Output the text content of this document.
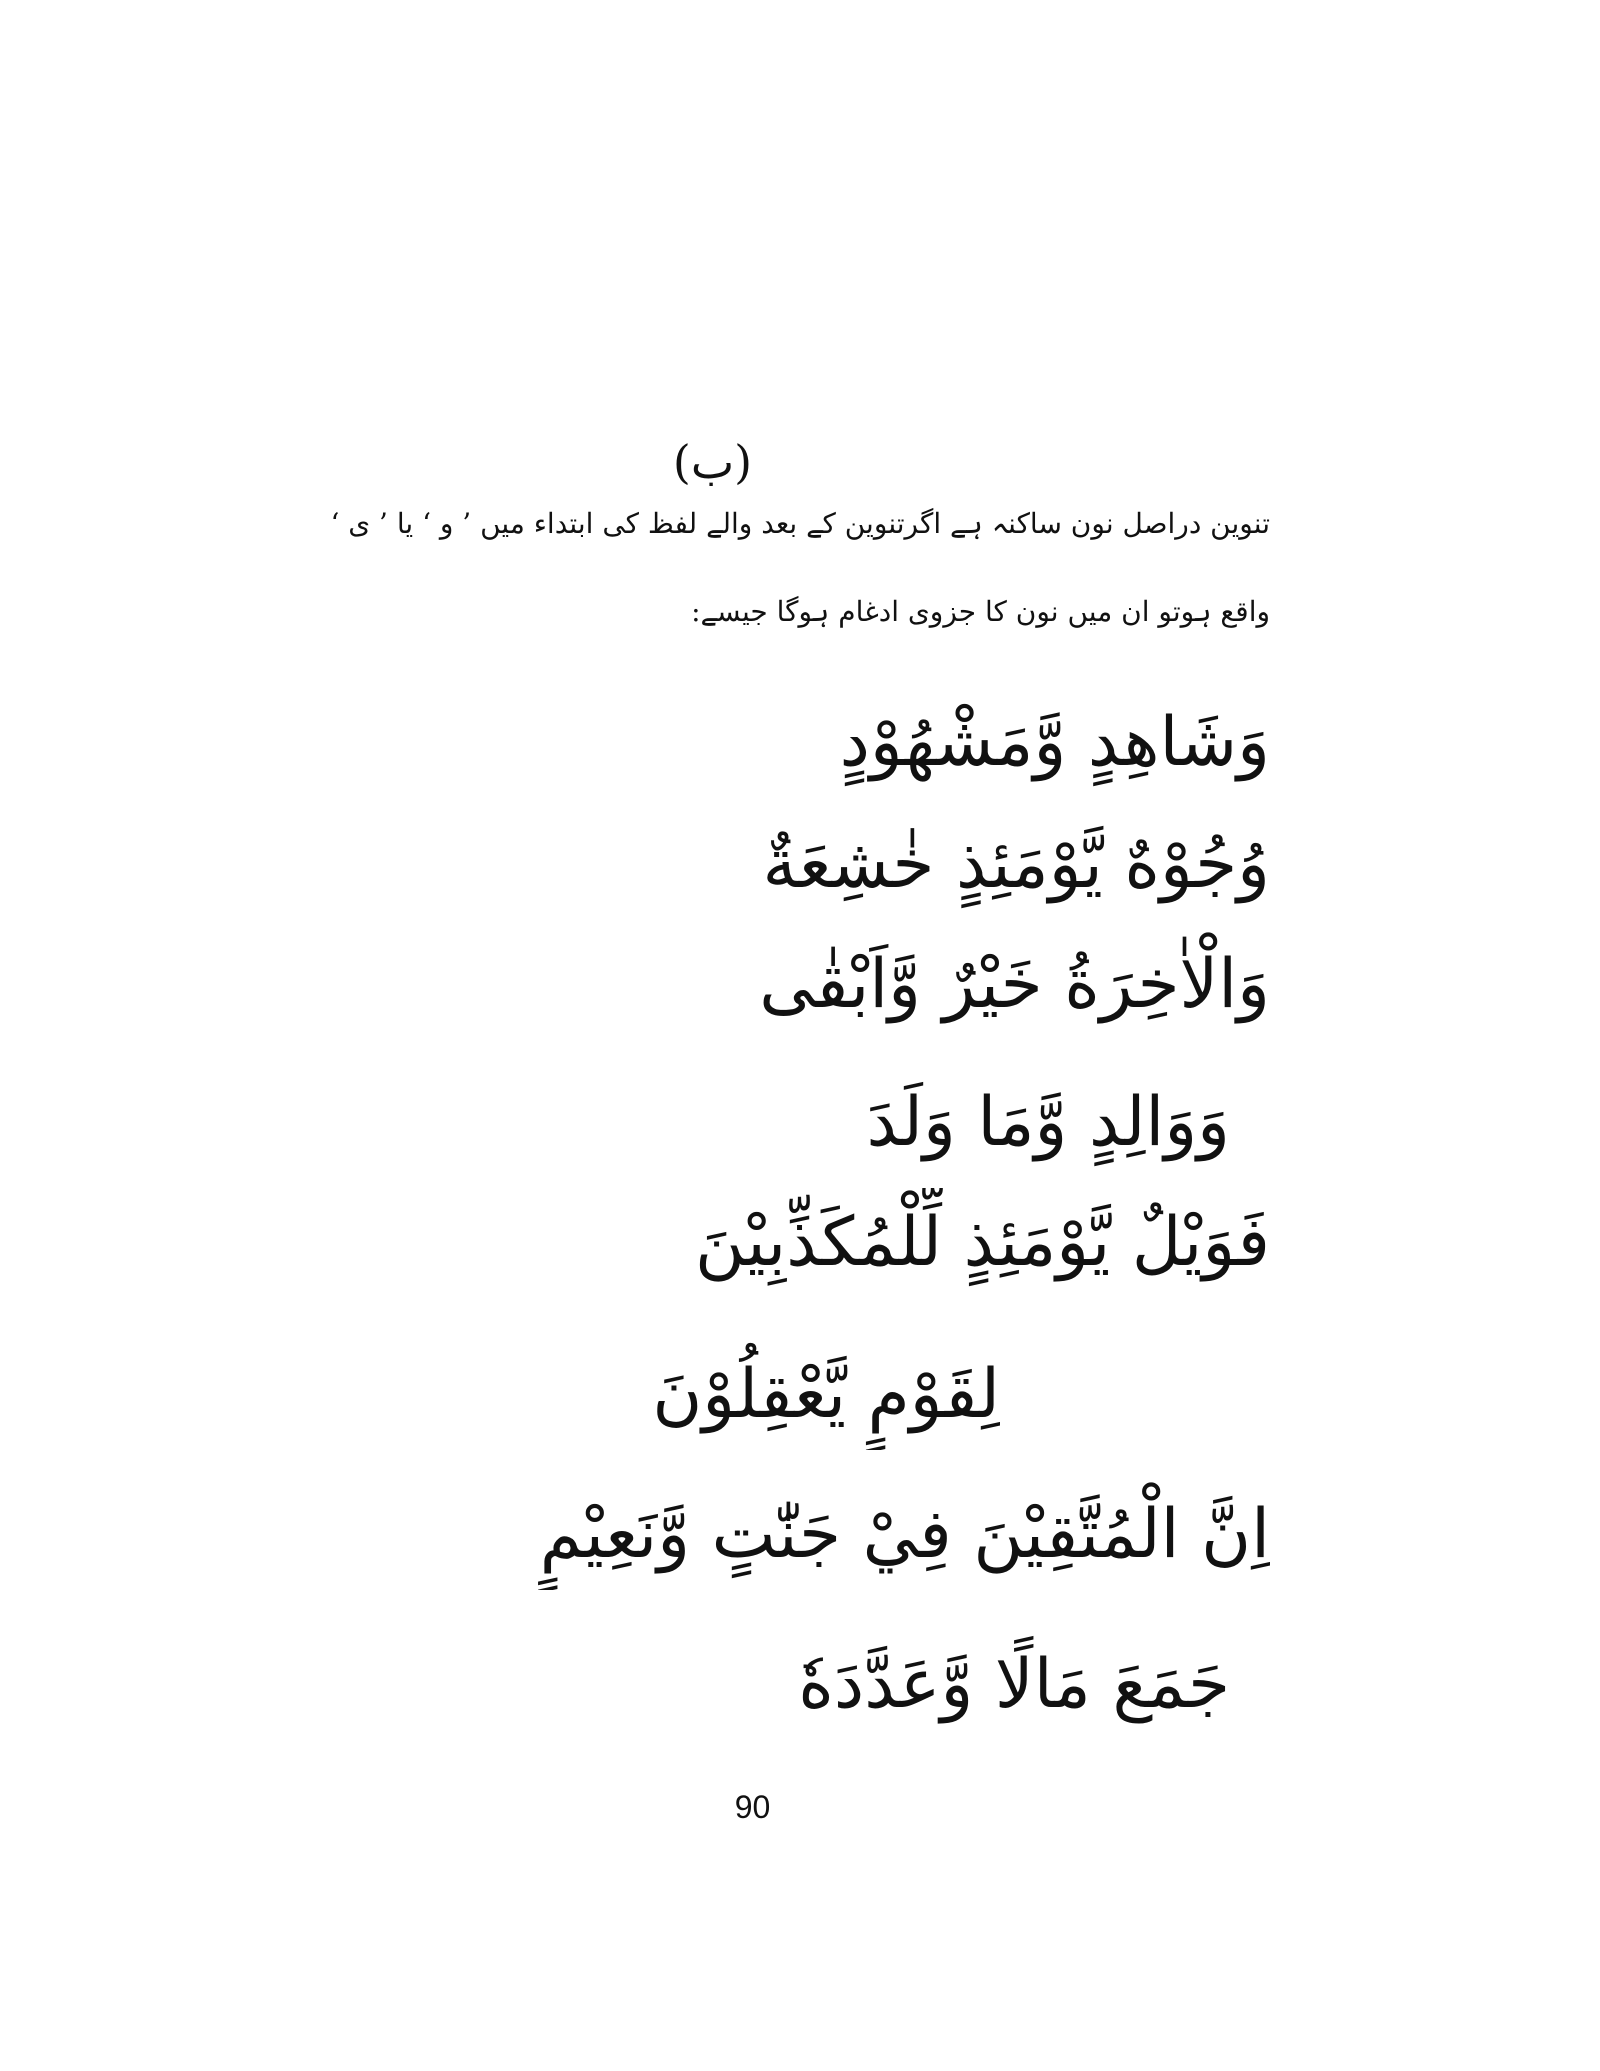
(ب)
تنوین دراصل نون ساکنہ ہے اگرتنوین کے بعد والے لفظ کی ابتداء میں ’ و ‘ یا ’ ی ‘
واقع ہوتو ان میں نون کا جزوی ادغام ہوگا جیسے:
وَشَاهِدٍ وَّمَشْهُوْدٍ
وُجُوْهٌ يَّوْمَئِذٍ خٰشِعَةٌ
وَالْاٰخِرَةُ خَيْرٌ وَّاَبْقٰى
وَوَالِدٍ وَّمَا وَلَدَ
فَوَيْلٌ يَّوْمَئِذٍ لِّلْمُكَذِّبِيْنَ
لِقَوْمٍ يَّعْقِلُوْنَ
اِنَّ الْمُتَّقِيْنَ فِيْ جَنّٰتٍ وَّنَعِيْمٍ
جَمَعَ مَالًا وَّعَدَّدَهٗ
90
